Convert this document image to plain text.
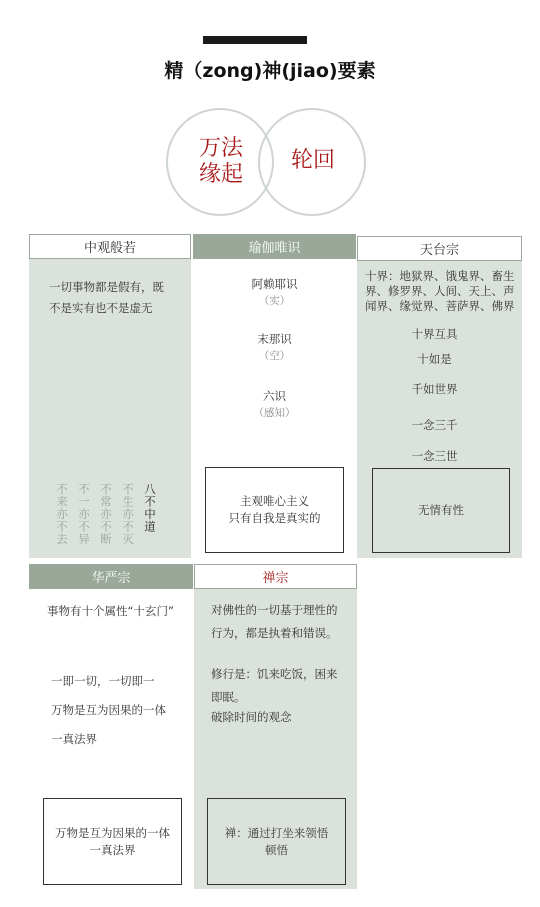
精（zong)神(jiao)要素
万法
缘起
轮回
中观般若	瑜伽唯识	天台宗
一切事物都是假有，既不是实有也不是虚无
不来亦不去 不一亦不异 不常亦不断 不生亦不灭 八不中道
阿赖耶识
（实）
末那识
（空）
六识
（感知）
主观唯心主义
只有自我是真实的
十界：地狱界、饿鬼界、畜生界、修罗界、人间、天上、声闻界、缘觉界、菩萨界、佛界
十界互具
十如是
千如世界
一念三千
一念三世
无情有性
华严宗	禅宗
事物有十个属性“十玄门”
一即一切，一切即一
万物是互为因果的一体
一真法界
万物是互为因果的一体
一真法界
对佛性的一切基于理性的行为，都是执着和错误。
修行是：饥来吃饭，困来即眠。
破除时间的观念
禅：通过打坐来领悟
顿悟
